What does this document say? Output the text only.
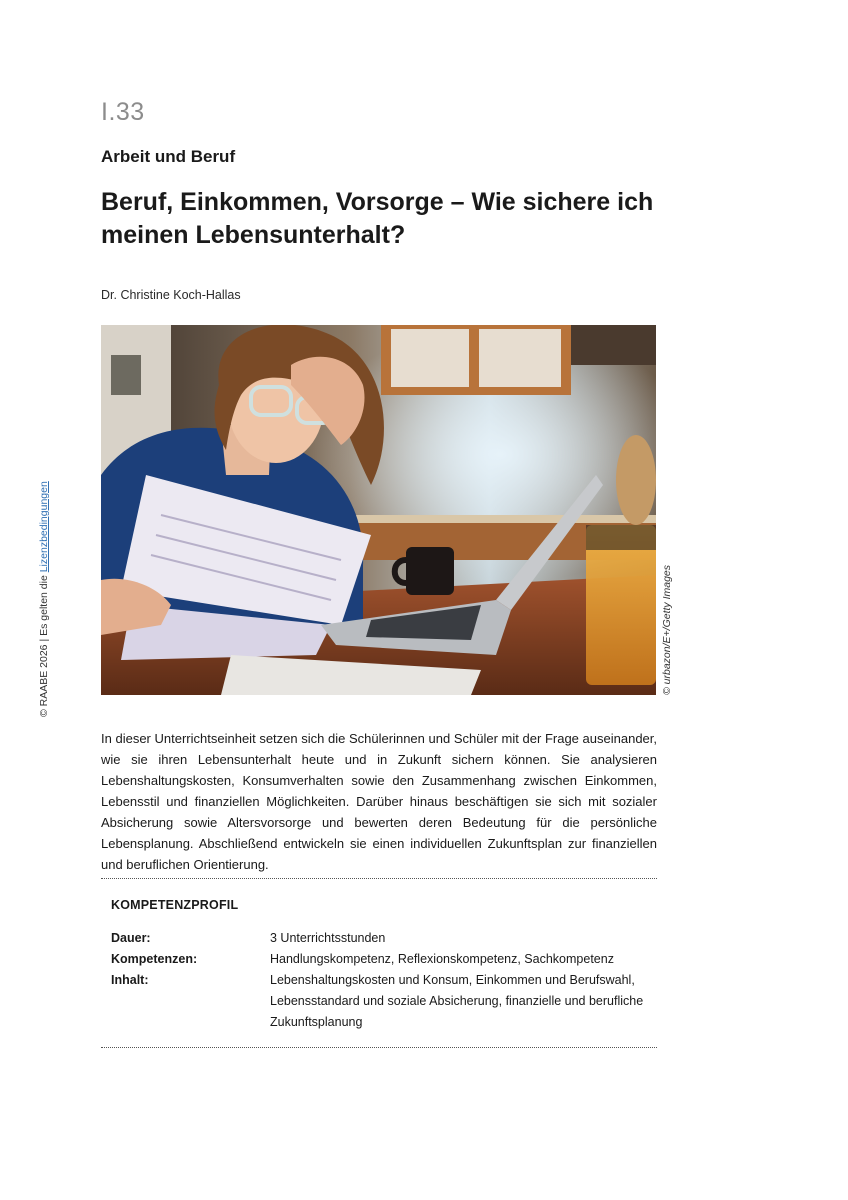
I.33
Arbeit und Beruf
Beruf, Einkommen, Vorsorge – Wie sichere ich meinen Lebensunterhalt?
Dr. Christine Koch-Hallas
© urbazon/E+/Getty Images
© RAABE 2026 | Es gelten die Lizenzbedingungen
In dieser Unterrichtseinheit setzen sich die Schülerinnen und Schüler mit der Frage auseinander, wie sie ihren Lebensunterhalt heute und in Zukunft sichern können. Sie analysieren Lebenshaltungskosten, Konsumverhalten sowie den Zusammenhang zwischen Einkommen, Lebensstil und finanziellen Möglichkeiten. Darüber hinaus beschäftigen sie sich mit sozialer Absicherung sowie Altersvorsorge und bewerten deren Bedeutung für die persönliche Lebensplanung. Abschließend entwickeln sie einen individuellen Zukunftsplan zur finanziellen und beruflichen Orientierung.
KOMPETENZPROFIL
Dauer:	3 Unterrichtsstunden
Kompetenzen:	Handlungskompetenz, Reflexionskompetenz, Sachkompetenz
Inhalt:	Lebenshaltungskosten und Konsum, Einkommen und Berufswahl, Lebensstandard und soziale Absicherung, finanzielle und berufliche Zukunftsplanung
